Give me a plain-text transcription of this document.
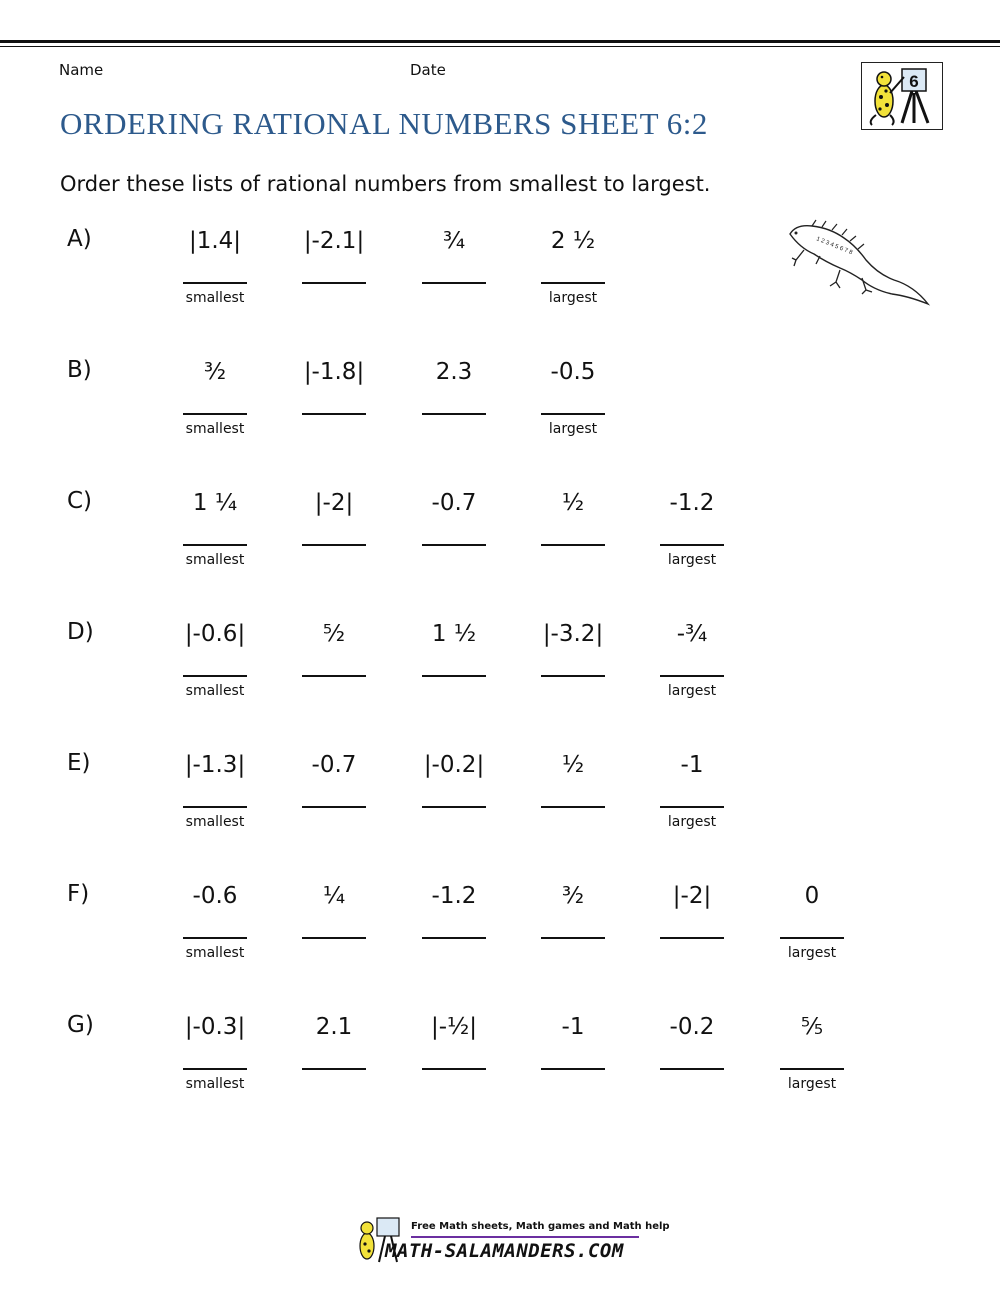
Name	Date
6
ORDERING RATIONAL NUMBERS SHEET 6:2
Order these lists of rational numbers from smallest to largest.
1 2 3 4 5 6 7 8
A)	|1.4|
smallest
|-2.1|	¾	2 ½
largest
B)	³⁄₂
smallest
|-1.8|	2.3	-0.5
largest
C)	1 ¼
smallest
|-2|	-0.7	½	-1.2
largest
D)	|-0.6|
smallest
⁵⁄₂	1 ½	|-3.2|	-¾
largest
E)	|-1.3|
smallest
-0.7	|-0.2|	½	-1
largest
F)	-0.6
smallest
¼	-1.2	³⁄₂	|-2|	0
largest
G)	|-0.3|
smallest
2.1	|-½|	-1	-0.2	⁵⁄₅
largest
Free Math sheets, Math games and Math help
MATH-SALAMANDERS.COM
